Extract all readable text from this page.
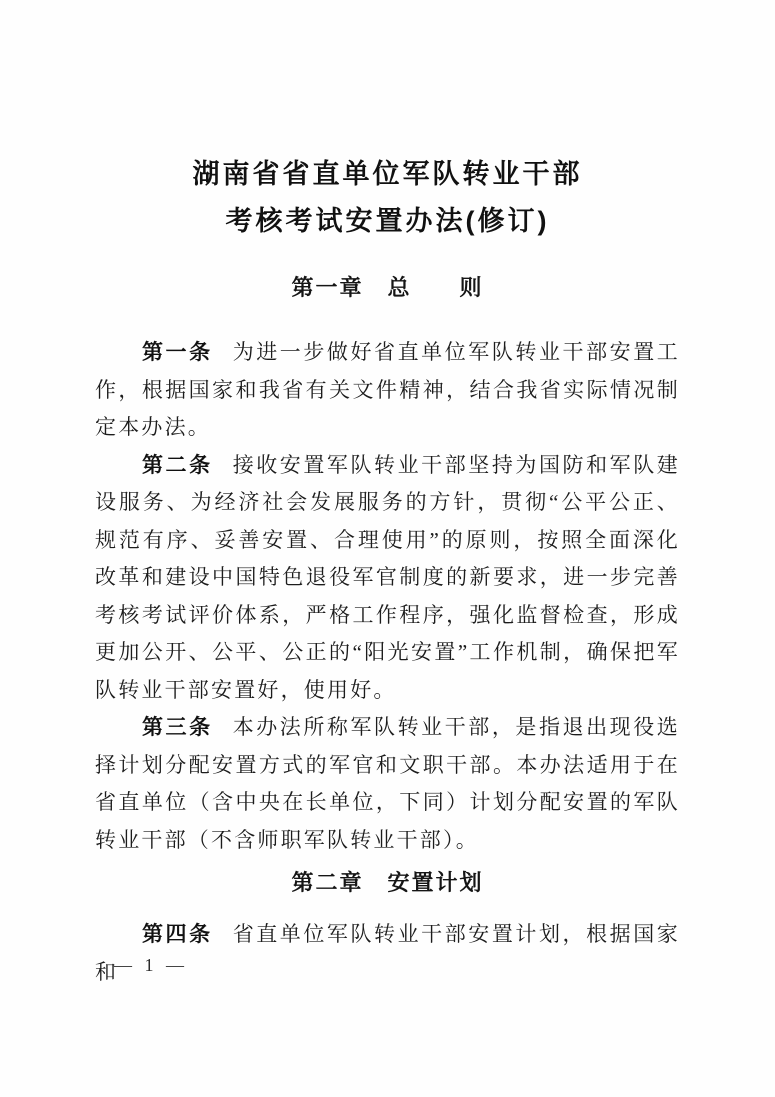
湖南省省直单位军队转业干部
考核考试安置办法(修订)
第一章　总　　则

第一条 为进一步做好省直单位军队转业干部安置工作，根据国家和我省有关文件精神，结合我省实际情况制定本办法。

第二条 接收安置军队转业干部坚持为国防和军队建设服务、为经济社会发展服务的方针，贯彻“公平公正、规范有序、妥善安置、合理使用”的原则，按照全面深化改革和建设中国特色退役军官制度的新要求，进一步完善考核考试评价体系，严格工作程序，强化监督检查，形成更加公开、公平、公正的“阳光安置”工作机制，确保把军队转业干部安置好，使用好。

第三条 本办法所称军队转业干部，是指退出现役选择计划分配安置方式的军官和文职干部。本办法适用于在省直单位（含中央在长单位，下同）计划分配安置的军队转业干部（不含师职军队转业干部）。

第二章　安置计划

第四条 省直单位军队转业干部安置计划，根据国家和

— 1 —
